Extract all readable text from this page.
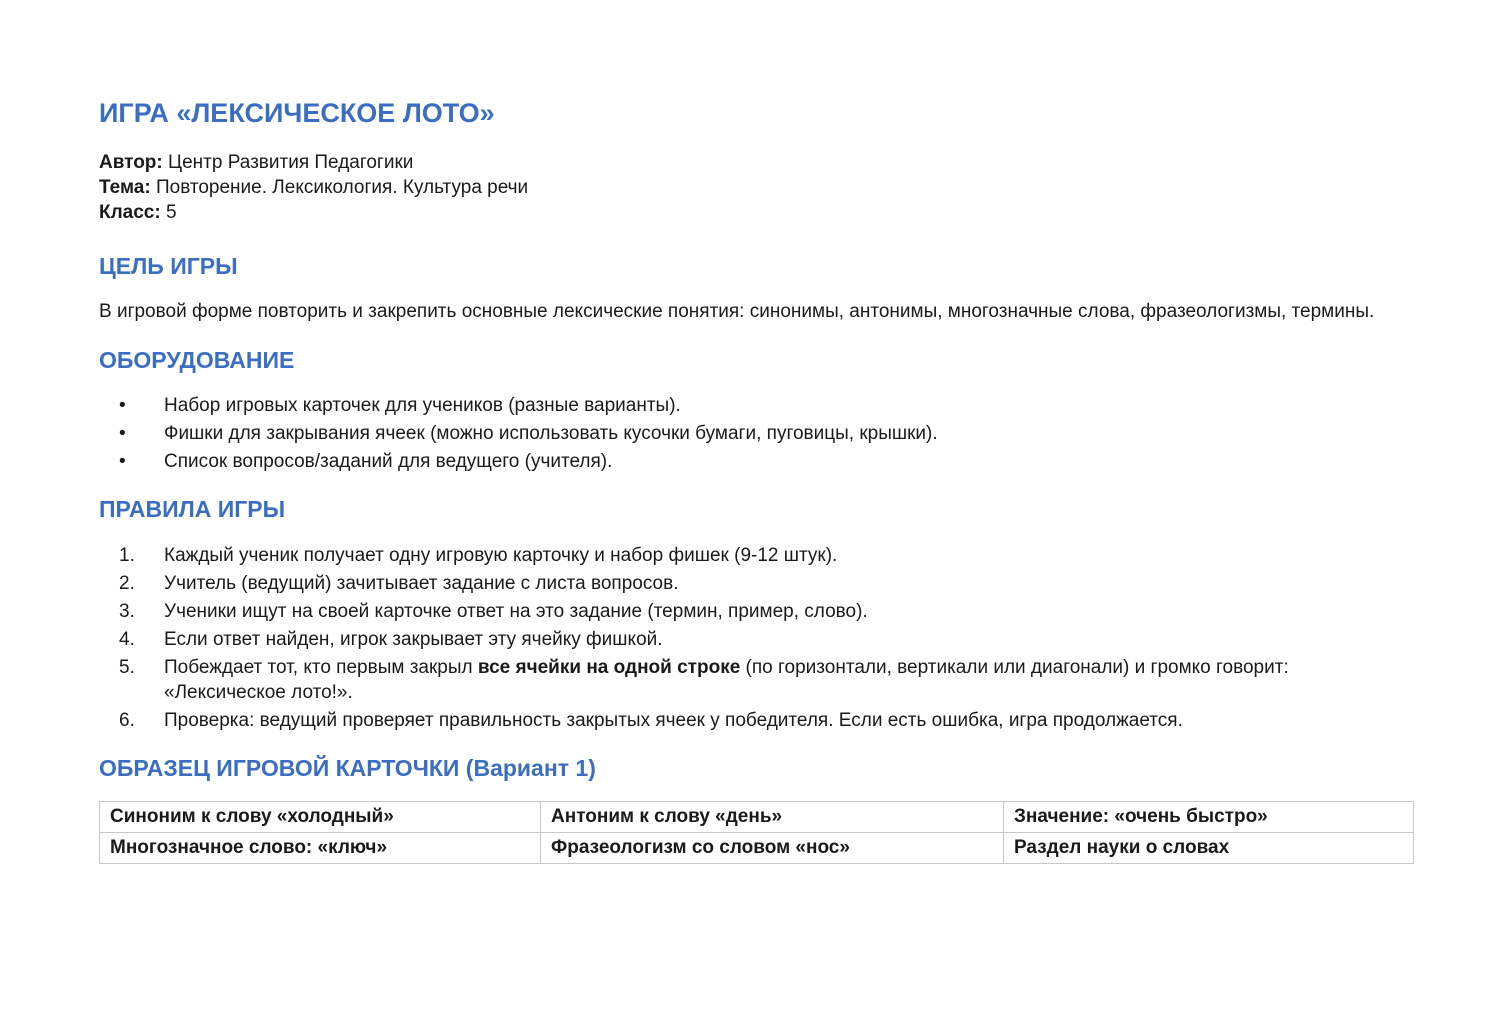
ИГРА «ЛЕКСИЧЕСКОЕ ЛОТО»
Автор: Центр Развития Педагогики
Тема: Повторение. Лексикология. Культура речи
Класс: 5
ЦЕЛЬ ИГРЫ

В игровой форме повторить и закрепить основные лексические понятия: синонимы, антонимы, многозначные слова, фразеологизмы, термины.

ОБОРУДОВАНИЕ
• Набор игровых карточек для учеников (разные варианты).
• Фишки для закрывания ячеек (можно использовать кусочки бумаги, пуговицы, крышки).
• Список вопросов/заданий для ведущего (учителя).
ПРАВИЛА ИГРЫ
1. Каждый ученик получает одну игровую карточку и набор фишек (9-12 штук).
2. Учитель (ведущий) зачитывает задание с листа вопросов.
3. Ученики ищут на своей карточке ответ на это задание (термин, пример, слово).
4. Если ответ найден, игрок закрывает эту ячейку фишкой.
5. Побеждает тот, кто первым закрыл все ячейки на одной строке (по горизонтали, вертикали или диагонали) и громко говорит: «Лексическое лото!».
6. Проверка: ведущий проверяет правильность закрытых ячеек у победителя. Если есть ошибка, игра продолжается.
ОБРАЗЕЦ ИГРОВОЙ КАРТОЧКИ (Вариант 1)
Синоним к слову «холодный»	Антоним к слову «день»	Значение: «очень быстро»
Многозначное слово: «ключ»	Фразеологизм со словом «нос»	Раздел науки о словах
